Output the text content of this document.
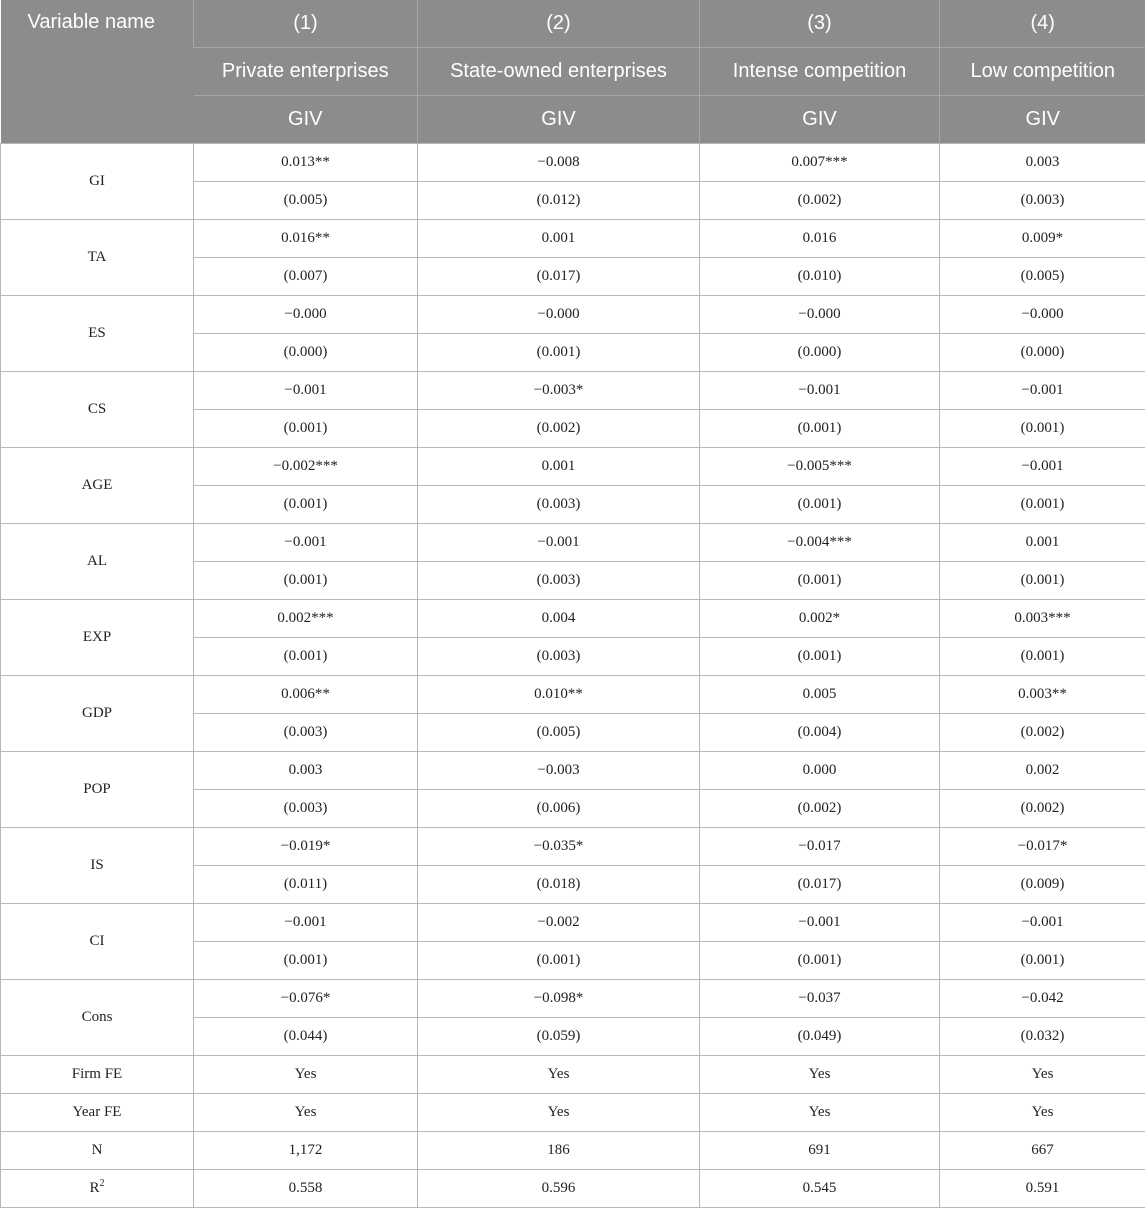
Variable name	(1)	(2)	(3)	(4)
	Private enterprises	State-owned enterprises	Intense competition	Low competition
	GIV	GIV	GIV	GIV
GI	0.013**	−0.008	0.007***	0.003
	(0.005)	(0.012)	(0.002)	(0.003)
TA	0.016**	0.001	0.016	0.009*
	(0.007)	(0.017)	(0.010)	(0.005)
ES	−0.000	−0.000	−0.000	−0.000
	(0.000)	(0.001)	(0.000)	(0.000)
CS	−0.001	−0.003*	−0.001	−0.001
	(0.001)	(0.002)	(0.001)	(0.001)
AGE	−0.002***	0.001	−0.005***	−0.001
	(0.001)	(0.003)	(0.001)	(0.001)
AL	−0.001	−0.001	−0.004***	0.001
	(0.001)	(0.003)	(0.001)	(0.001)
EXP	0.002***	0.004	0.002*	0.003***
	(0.001)	(0.003)	(0.001)	(0.001)
GDP	0.006**	0.010**	0.005	0.003**
	(0.003)	(0.005)	(0.004)	(0.002)
POP	0.003	−0.003	0.000	0.002
	(0.003)	(0.006)	(0.002)	(0.002)
IS	−0.019*	−0.035*	−0.017	−0.017*
	(0.011)	(0.018)	(0.017)	(0.009)
CI	−0.001	−0.002	−0.001	−0.001
	(0.001)	(0.001)	(0.001)	(0.001)
Cons	−0.076*	−0.098*	−0.037	−0.042
	(0.044)	(0.059)	(0.049)	(0.032)
Firm FE	Yes	Yes	Yes	Yes
Year FE	Yes	Yes	Yes	Yes
N	1,172	186	691	667
$R^2$	0.558	0.596	0.545	0.591
